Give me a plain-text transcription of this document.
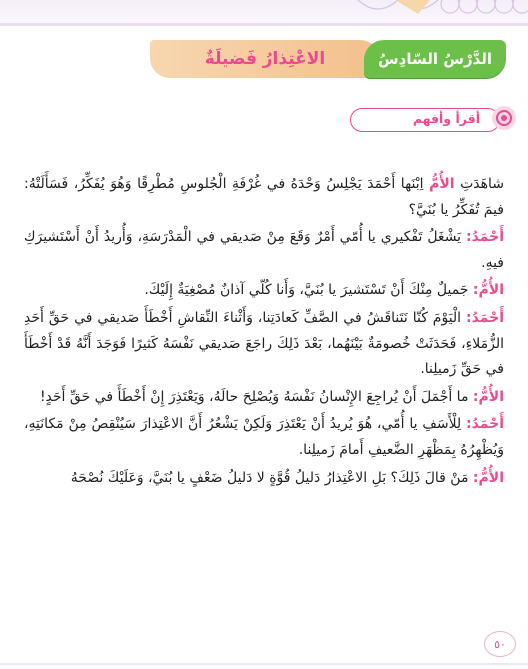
الاعْتِذارُ فَضيلَةٌ	الدَّرْسُ السّادِسُ
أقرأ وأفهم

شاهَدَتِ الأُمُّ اِبْنَها أَحْمَدَ يَجْلِسُ وَحْدَهُ في غُرْفَةِ الْجُلوسِ مُطْرِقًا وَهُوَ يُفَكِّرُ، فَسَأَلَتْهُ: فيمَ تُفَكِّرُ يا بُنَيَّ؟

أَحْمَدُ: يَشْغَلُ تَفْكيري يا أُمّي أَمْرٌ وَقَعَ مِنْ صَديقي في الْمَدْرَسَةِ، وَأُريدُ أَنْ أَسْتَشيرَكِ فيهِ.

الأُمُّ: جَميلٌ مِنْكَ أَنْ تَسْتَشيرَ يا بُنَيَّ، وَأَنا كُلّي آذانٌ مُصْغِيَةٌ إِلَيْكَ.

أَحْمَدُ: الْيَوْمَ كُنّا نَتَناقَشُ في الصَّفِّ كَعادَتِنا، وَأَثْناءَ النِّقاشِ أَخْطَأَ صَديقي في حَقِّ أَحَدِ الزُّمَلاءِ، فَحَدَثَتْ خُصومَةٌ بَيْنَهُما، بَعْدَ ذَلِكَ راجَعَ صَديقي نَفْسَهُ كَثيرًا فَوَجَدَ أَنَّهُ قَدْ أَخْطَأَ في حَقِّ زَميلِنا.

الأُمُّ: ما أَجْمَلَ أَنْ يُراجِعَ الإِنْسانُ نَفْسَهُ وَيُصْلِحَ حالَهُ، وَيَعْتَذِرَ إِنْ أَخْطَأَ في حَقِّ أَحَدٍ!

أَحْمَدُ: لِلْأَسَفِ يا أُمّي، هُوَ يُريدُ أَنْ يَعْتَذِرَ وَلَكِنْ يَشْعُرُ أَنَّ الاعْتِذارَ سَيُنْقِصُ مِنْ مَكانَتِهِ، وَيُظْهِرُهُ بِمَظْهَرِ الضَّعيفِ أَمامَ زَميلِنا.

الأُمُّ: مَنْ قالَ ذَلِكَ؟ بَلِ الاعْتِذارُ دَليلُ قُوَّةٍ لا دَليلُ ضَعْفٍ يا بُنَيَّ، وَعَلَيْكَ نُصْحَهُ

٥٠
